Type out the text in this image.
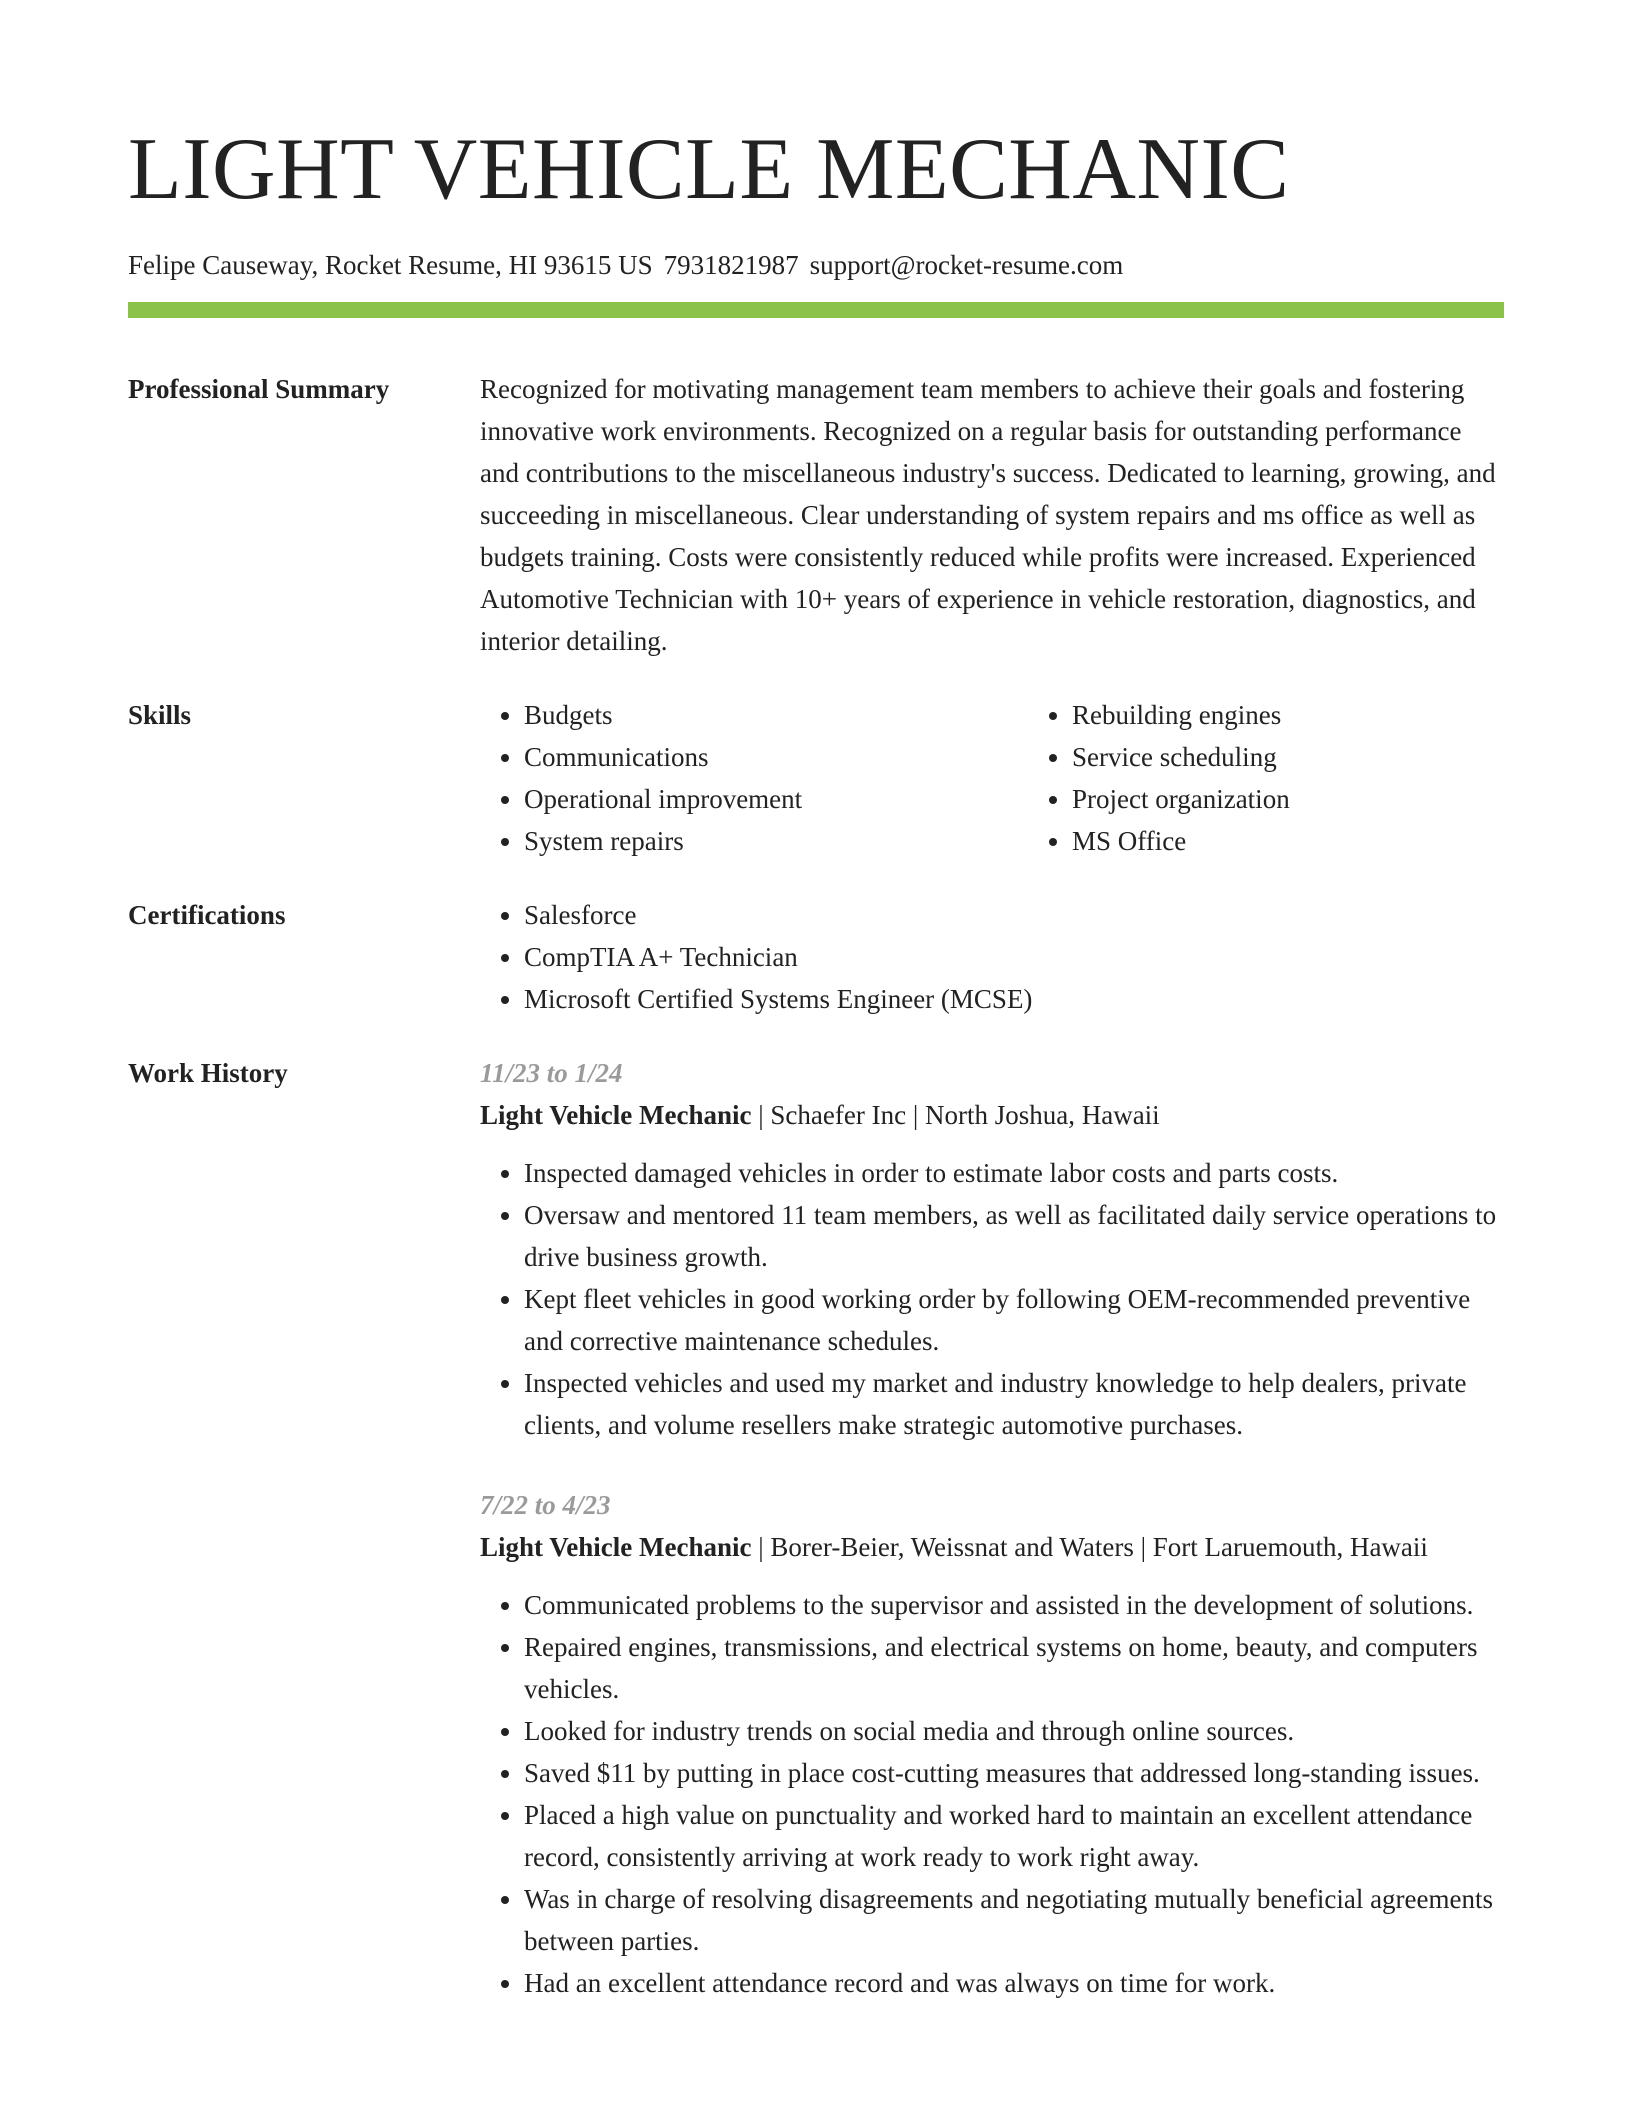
LIGHT VEHICLE MECHANIC
Felipe Causeway, Rocket Resume, HI 93615 US 7931821987 support@rocket-resume.com
Professional Summary	Recognized for motivating management team members to achieve their goals and fostering innovative work environments. Recognized on a regular basis for outstanding performance and contributions to the miscellaneous industry's success. Dedicated to learning, growing, and succeeding in miscellaneous. Clear understanding of system repairs and ms office as well as budgets training. Costs were consistently reduced while profits were increased. Experienced Automotive Technician with 10+ years of experience in vehicle restoration, diagnostics, and interior detailing.

Skills	• Budgets
• Communications
• Operational improvement
• System repairs
• Rebuilding engines
• Service scheduling
• Project organization
• MS Office
Certifications	• Salesforce
• CompTIA A+ Technician
• Microsoft Certified Systems Engineer (MCSE)
Work History	11/23 to 1/24
Light Vehicle Mechanic | Schaefer Inc | North Joshua, Hawaii
• Inspected damaged vehicles in order to estimate labor costs and parts costs.
• Oversaw and mentored 11 team members, as well as facilitated daily service operations to drive business growth.
• Kept fleet vehicles in good working order by following OEM-recommended preventive and corrective maintenance schedules.
• Inspected vehicles and used my market and industry knowledge to help dealers, private clients, and volume resellers make strategic automotive purchases.
7/22 to 4/23
Light Vehicle Mechanic | Borer-Beier, Weissnat and Waters | Fort Laruemouth, Hawaii
• Communicated problems to the supervisor and assisted in the development of solutions.
• Repaired engines, transmissions, and electrical systems on home, beauty, and computers vehicles.
• Looked for industry trends on social media and through online sources.
• Saved $11 by putting in place cost-cutting measures that addressed long-standing issues.
• Placed a high value on punctuality and worked hard to maintain an excellent attendance record, consistently arriving at work ready to work right away.
• Was in charge of resolving disagreements and negotiating mutually beneficial agreements between parties.
• Had an excellent attendance record and was always on time for work.
